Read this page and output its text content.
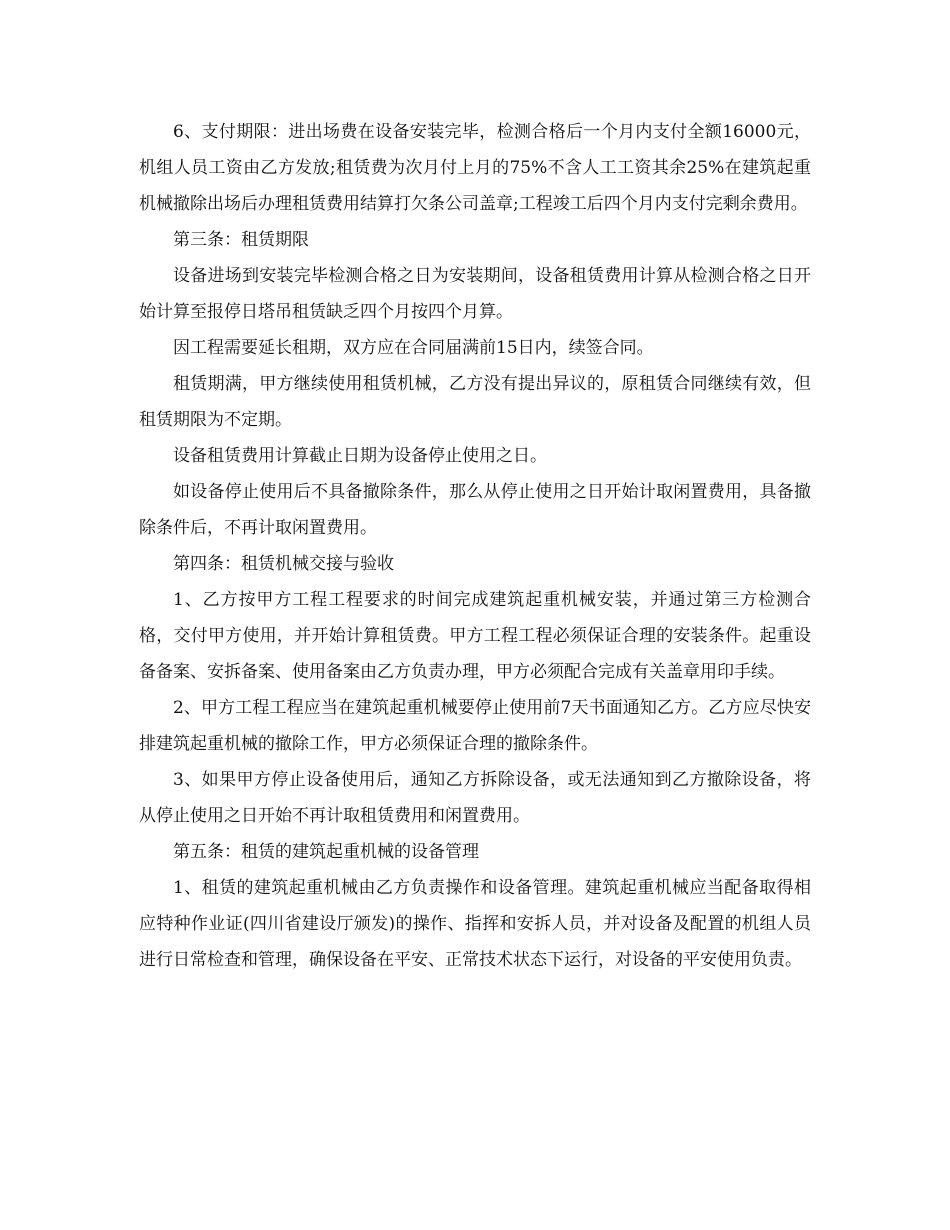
6、支付期限：进出场费在设备安装完毕，检测合格后一个月内支付全额16000元，机组人员工资由乙方发放;租赁费为次月付上月的75%不含人工工资其余25%在建筑起重机械撤除出场后办理租赁费用结算打欠条公司盖章;工程竣工后四个月内支付完剩余费用。

第三条：租赁期限

设备进场到安装完毕检测合格之日为安装期间，设备租赁费用计算从检测合格之日开始计算至报停日塔吊租赁缺乏四个月按四个月算。

因工程需要延长租期，双方应在合同届满前15日内，续签合同。

租赁期满，甲方继续使用租赁机械，乙方没有提出异议的，原租赁合同继续有效，但租赁期限为不定期。

设备租赁费用计算截止日期为设备停止使用之日。

如设备停止使用后不具备撤除条件，那么从停止使用之日开始计取闲置费用，具备撤除条件后，不再计取闲置费用。

第四条：租赁机械交接与验收

1、乙方按甲方工程工程要求的时间完成建筑起重机械安装，并通过第三方检测合格，交付甲方使用，并开始计算租赁费。甲方工程工程必须保证合理的安装条件。起重设备备案、安拆备案、使用备案由乙方负责办理，甲方必须配合完成有关盖章用印手续。

2、甲方工程工程应当在建筑起重机械要停止使用前7天书面通知乙方。乙方应尽快安排建筑起重机械的撤除工作，甲方必须保证合理的撤除条件。

3、如果甲方停止设备使用后，通知乙方拆除设备，或无法通知到乙方撤除设备，将从停止使用之日开始不再计取租赁费用和闲置费用。

第五条：租赁的建筑起重机械的设备管理

1、租赁的建筑起重机械由乙方负责操作和设备管理。建筑起重机械应当配备取得相应特种作业证(四川省建设厅颁发)的操作、指挥和安拆人员，并对设备及配置的机组人员进行日常检查和管理，确保设备在平安、正常技术状态下运行，对设备的平安使用负责。
